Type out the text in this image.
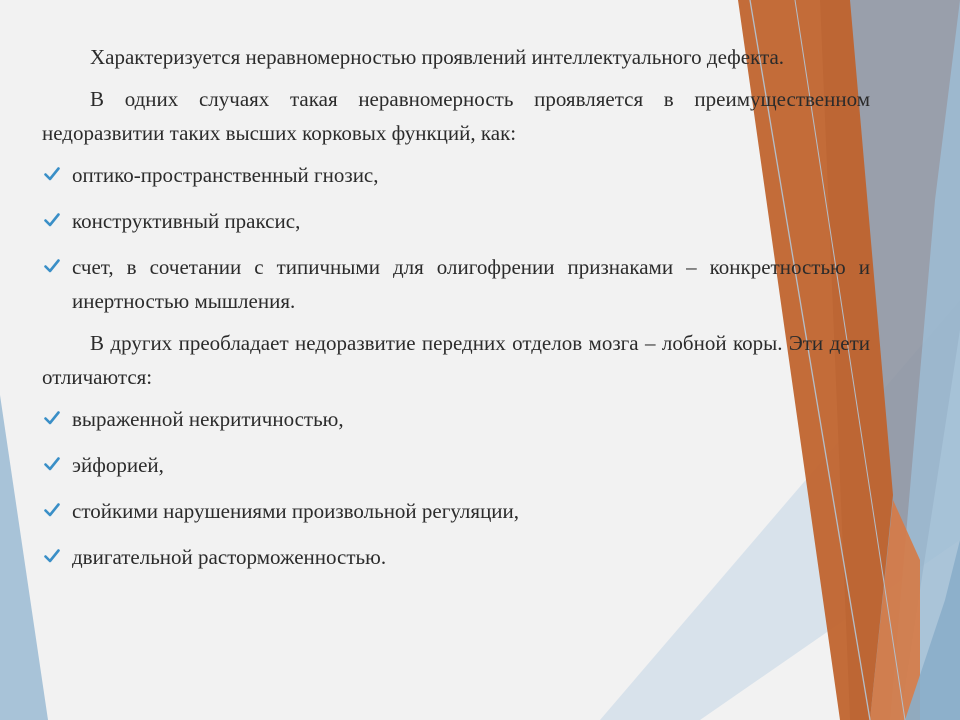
Характеризуется неравномерностью проявлений интеллектуального дефекта.

В одних случаях такая неравномерность проявляется в преимущественном недоразвитии таких высших корковых функций, как:

оптико-пространственный гнозис,
конструктивный праксис,
счет, в сочетании с типичными для олигофрении признаками – конкретностью и инертностью мышления.

В других преобладает недоразвитие передних отделов мозга – лобной коры. Эти дети отличаются:

выраженной некритичностью,
эйфорией,
стойкими нарушениями произвольной регуляции,
двигательной расторможенностью.
